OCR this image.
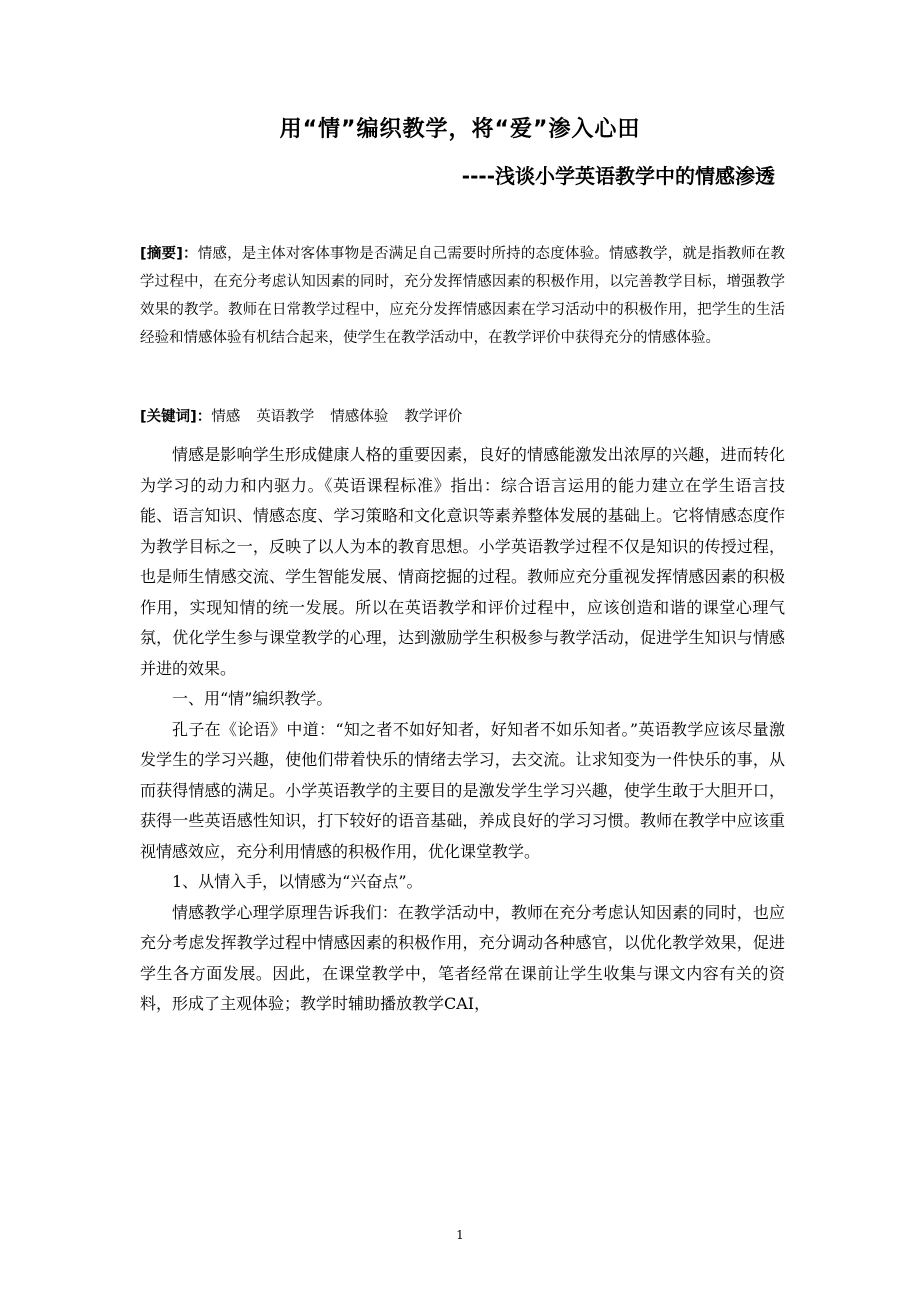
用“情”编织教学，将“爱”渗入心田
----浅谈小学英语教学中的情感渗透
[摘要]：情感，是主体对客体事物是否满足自己需要时所持的态度体验。情感教学，就是指教师在教学过程中，在充分考虑认知因素的同时，充分发挥情感因素的积极作用，以完善教学目标，增强教学效果的教学。教师在日常教学过程中，应充分发挥情感因素在学习活动中的积极作用，把学生的生活经验和情感体验有机结合起来，使学生在教学活动中，在教学评价中获得充分的情感体验。
[关键词]：情感 英语教学 情感体验 教学评价

情感是影响学生形成健康人格的重要因素，良好的情感能激发出浓厚的兴趣，进而转化为学习的动力和内驱力。《英语课程标准》指出：综合语言运用的能力建立在学生语言技能、语言知识、情感态度、学习策略和文化意识等素养整体发展的基础上。它将情感态度作为教学目标之一，反映了以人为本的教育思想。小学英语教学过程不仅是知识的传授过程，也是师生情感交流、学生智能发展、情商挖掘的过程。教师应充分重视发挥情感因素的积极作用，实现知情的统一发展。所以在英语教学和评价过程中，应该创造和谐的课堂心理气氛，优化学生参与课堂教学的心理，达到激励学生积极参与教学活动，促进学生知识与情感并进的效果。

一、用“情”编织教学。

孔子在《论语》中道：“知之者不如好知者，好知者不如乐知者。”英语教学应该尽量激发学生的学习兴趣，使他们带着快乐的情绪去学习，去交流。让求知变为一件快乐的事，从而获得情感的满足。小学英语教学的主要目的是激发学生学习兴趣，使学生敢于大胆开口，获得一些英语感性知识，打下较好的语音基础，养成良好的学习习惯。教师在教学中应该重视情感效应，充分利用情感的积极作用，优化课堂教学。

1、从情入手，以情感为“兴奋点”。

情感教学心理学原理告诉我们：在教学活动中，教师在充分考虑认知因素的同时，也应充分考虑发挥教学过程中情感因素的积极作用，充分调动各种感官，以优化教学效果，促进学生各方面发展。因此，在课堂教学中，笔者经常在课前让学生收集与课文内容有关的资料，形成了主观体验；教学时辅助播放教学CAI，

1
